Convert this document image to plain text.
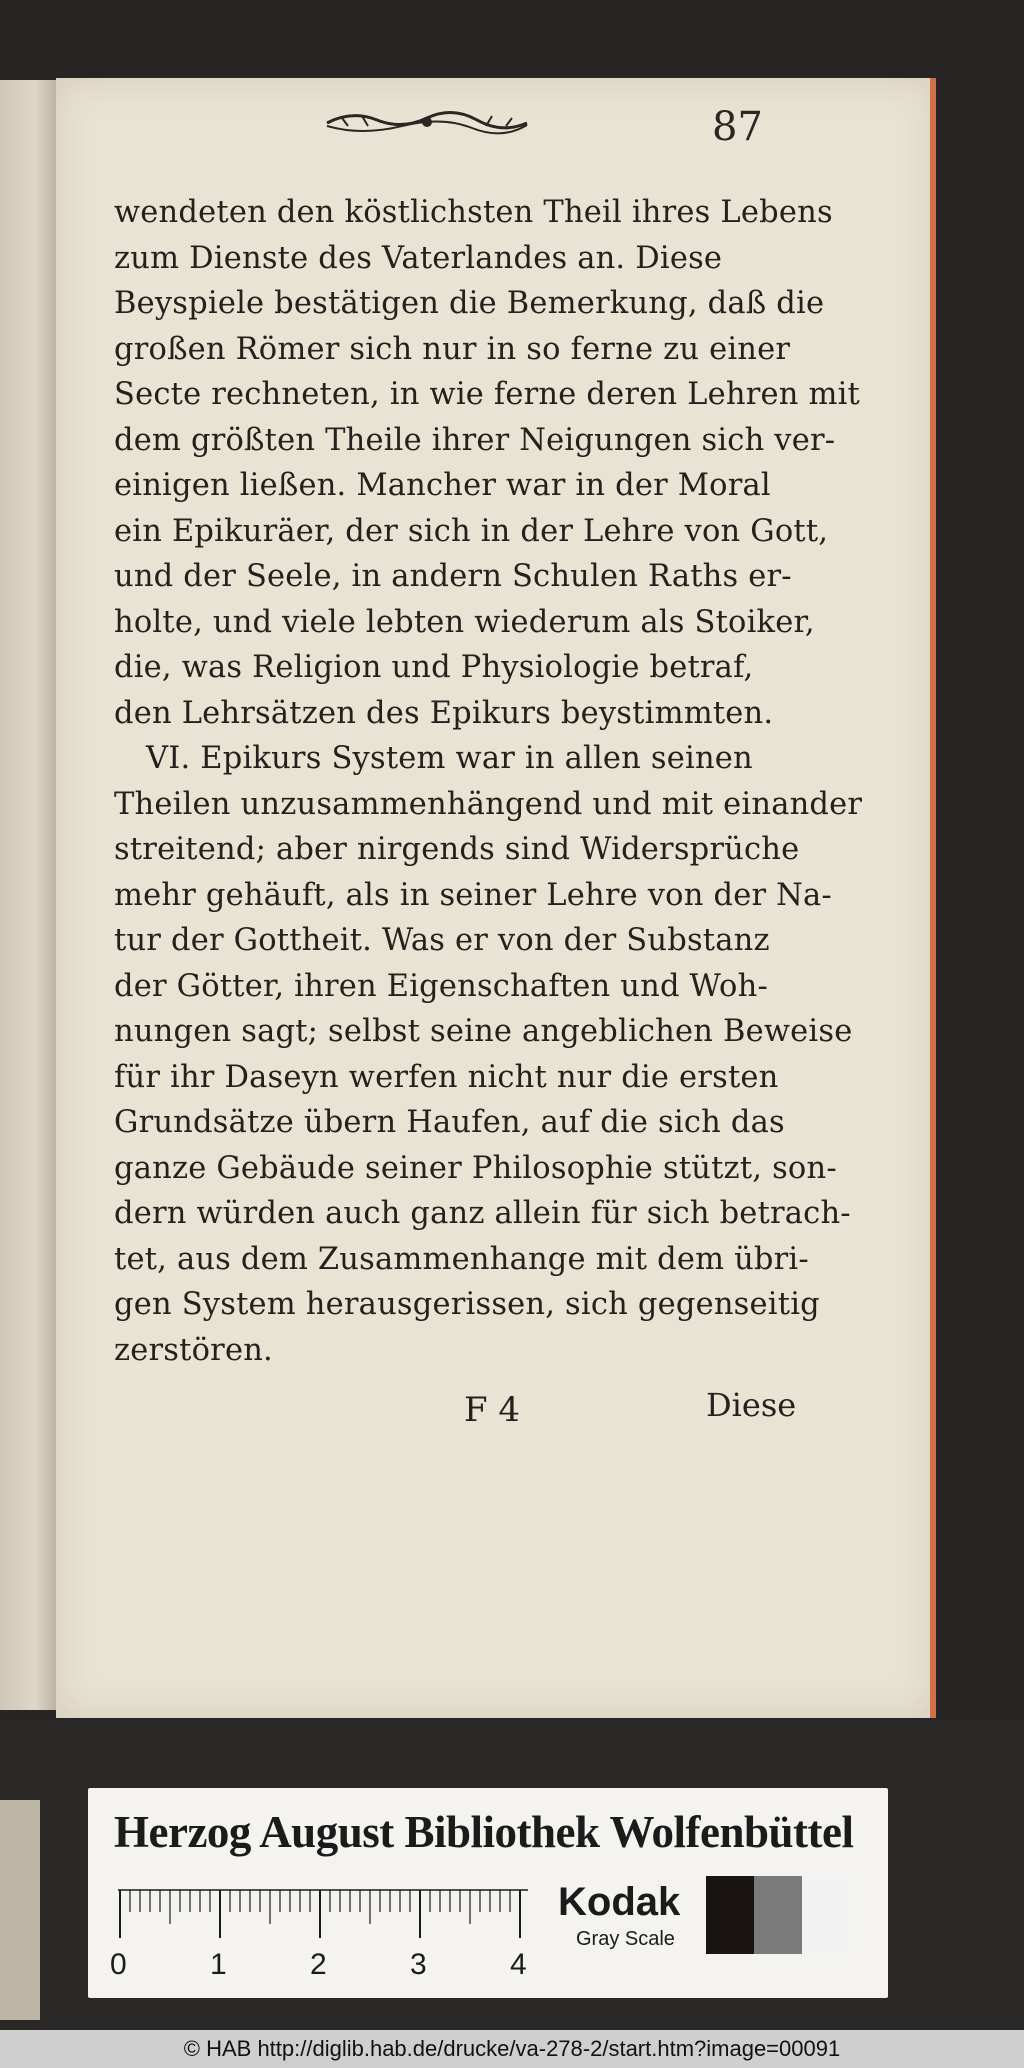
87
wendeten den köstlichsten Theil ihres Lebens
zum Dienste des Vaterlandes an. Diese
Beyspiele bestätigen die Bemerkung, daß die
großen Römer sich nur in so ferne zu einer
Secte rechneten, in wie ferne deren Lehren mit
dem größten Theile ihrer Neigungen sich ver-
einigen ließen. Mancher war in der Moral
ein Epikuräer, der sich in der Lehre von Gott,
und der Seele, in andern Schulen Raths er-
holte, und viele lebten wiederum als Stoiker,
die, was Religion und Physiologie betraf,
den Lehrsätzen des Epikurs beystimmten.
VI. Epikurs System war in allen seinen
Theilen unzusammenhängend und mit einander
streitend; aber nirgends sind Widersprüche
mehr gehäuft, als in seiner Lehre von der Na-
tur der Gottheit. Was er von der Substanz
der Götter, ihren Eigenschaften und Woh-
nungen sagt; selbst seine angeblichen Beweise
für ihr Daseyn werfen nicht nur die ersten
Grundsätze übern Haufen, auf die sich das
ganze Gebäude seiner Philosophie stützt, son-
dern würden auch ganz allein für sich betrach-
tet, aus dem Zusammenhange mit dem übri-
gen System herausgerissen, sich gegenseitig
zerstören.
F 4	Diese
Herzog August Bibliothek Wolfenbüttel
0	1	2	3	4
Kodak
Gray Scale
© HAB http://diglib.hab.de/drucke/va-278-2/start.htm?image=00091
